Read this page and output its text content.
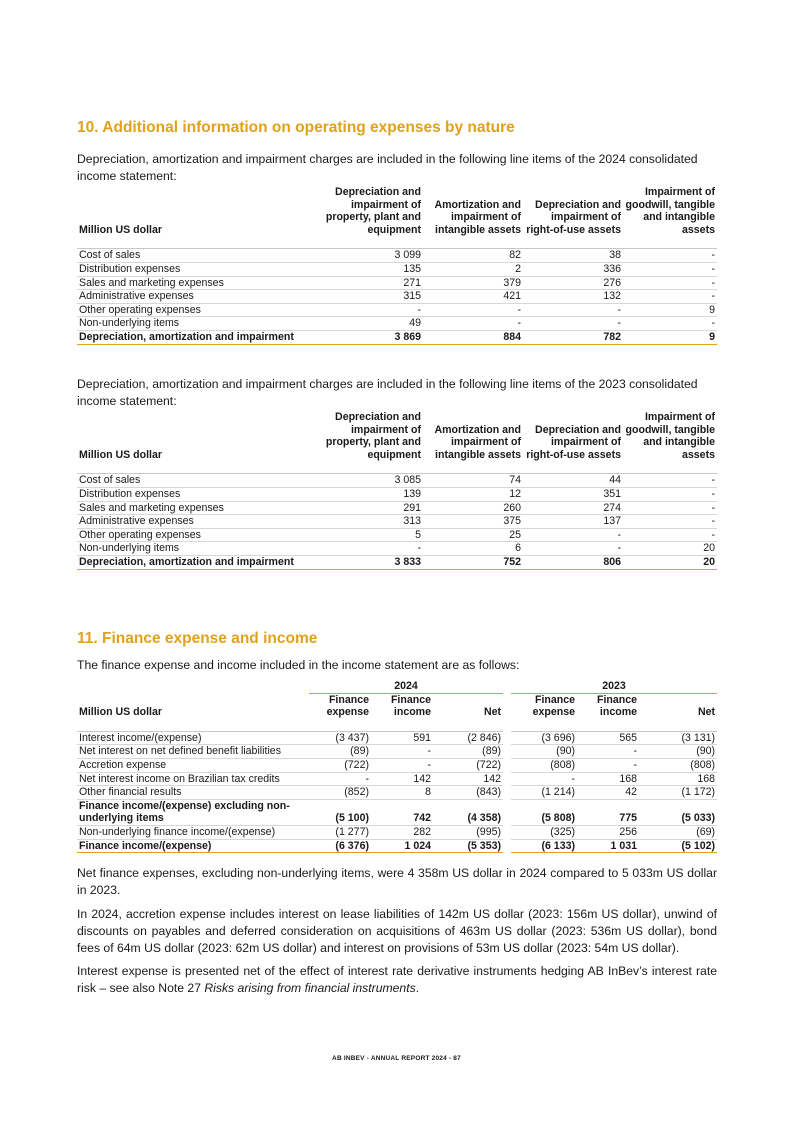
10. Additional information on operating expenses by nature

Depreciation, amortization and impairment charges are included in the following line items of the 2024 consolidated income statement:

Million US dollar	Depreciation and impairment of property, plant and equipment	Amortization and impairment of intangible assets	Depreciation and impairment of right-of-use assets	Impairment of goodwill, tangible and intangible assets

Cost of sales	3 099	82	38	-
Distribution expenses	135	2	336	-
Sales and marketing expenses	271	379	276	-
Administrative expenses	315	421	132	-
Other operating expenses	-	-	-	9
Non-underlying items	49	-	-	-
Depreciation, amortization and impairment	3 869	884	782	9

Depreciation, amortization and impairment charges are included in the following line items of the 2023 consolidated income statement:

Million US dollar	Depreciation and impairment of property, plant and equipment	Amortization and impairment of intangible assets	Depreciation and impairment of right-of-use assets	Impairment of goodwill, tangible and intangible assets

Cost of sales	3 085	74	44	-
Distribution expenses	139	12	351	-
Sales and marketing expenses	291	260	274	-
Administrative expenses	313	375	137	-
Other operating expenses	5	25	-	-
Non-underlying items	-	6	-	20
Depreciation, amortization and impairment	3 833	752	806	20
11. Finance expense and income

The finance expense and income included in the income statement are as follows:

	2024				2023		
Million US dollar	Finance expense	Finance income	Net		Finance expense	Finance income	Net

Interest income/(expense)	(3 437)	591	(2 846)		(3 696)	565	(3 131)
Net interest on net defined benefit liabilities	(89)	-	(89)		(90)	-	(90)
Accretion expense	(722)	-	(722)		(808)	-	(808)
Net interest income on Brazilian tax credits	-	142	142		-	168	168
Other financial results	(852)	8	(843)		(1 214)	42	(1 172)
Finance income/(expense) excluding non-underlying items	(5 100)	742	(4 358)		(5 808)	775	(5 033)
Non-underlying finance income/(expense)	(1 277)	282	(995)		(325)	256	(69)
Finance income/(expense)	(6 376)	1 024	(5 353)		(6 133)	1 031	(5 102)

Net finance expenses, excluding non-underlying items, were 4 358m US dollar in 2024 compared to 5 033m US dollar in 2023.

In 2024, accretion expense includes interest on lease liabilities of 142m US dollar (2023: 156m US dollar), unwind of discounts on payables and deferred consideration on acquisitions of 463m US dollar (2023: 536m US dollar), bond fees of 64m US dollar (2023: 62m US dollar) and interest on provisions of 53m US dollar (2023: 54m US dollar).

Interest expense is presented net of the effect of interest rate derivative instruments hedging AB InBev’s interest rate risk – see also Note 27 Risks arising from financial instruments.

AB INBEV - ANNUAL REPORT 2024 - 87
